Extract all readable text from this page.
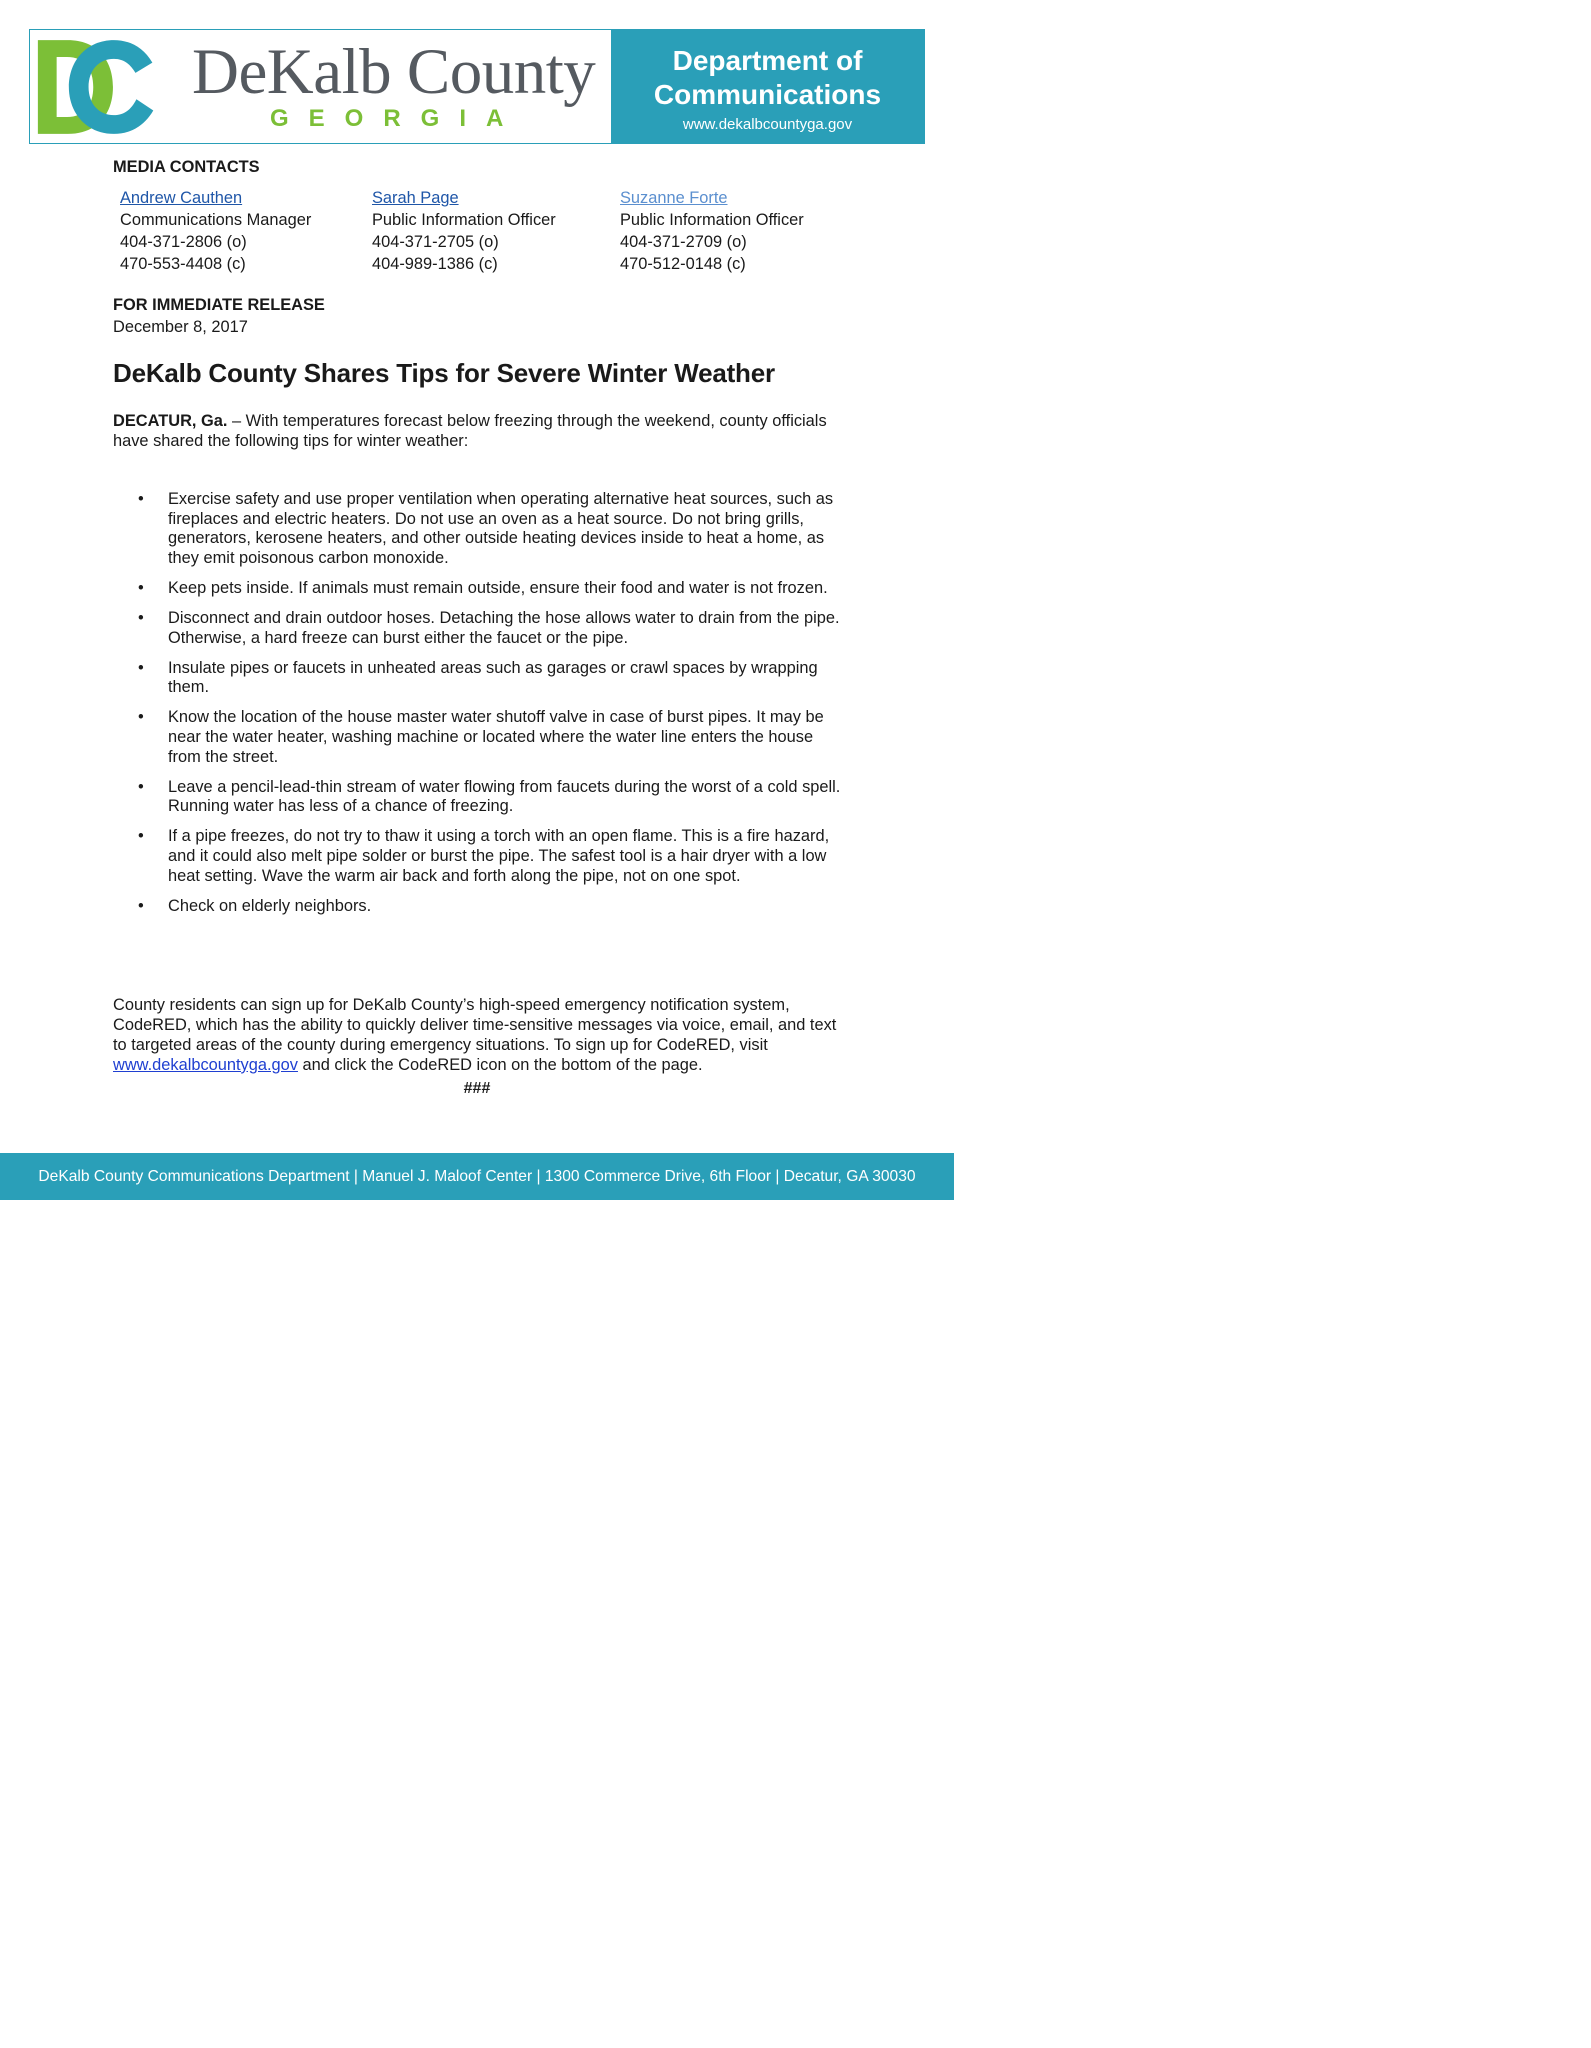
DeKalb County
GEORGIA
Department of
Communications
www.dekalbcountyga.gov
MEDIA CONTACTS
Andrew Cauthen
Communications Manager
404-371-2806 (o)
470-553-4408 (c)
Sarah Page
Public Information Officer
404-371-2705 (o)
404-989-1386 (c)
Suzanne Forte
Public Information Officer
404-371-2709 (o)
470-512-0148 (c)
FOR IMMEDIATE RELEASE
December 8, 2017
DeKalb County Shares Tips for Severe Winter Weather
DECATUR, Ga. – With temperatures forecast below freezing through the weekend, county officials have shared the following tips for winter weather:
• Exercise safety and use proper ventilation when operating alternative heat sources, such as fireplaces and electric heaters. Do not use an oven as a heat source. Do not bring grills, generators, kerosene heaters, and other outside heating devices inside to heat a home, as they emit poisonous carbon monoxide.
• Keep pets inside. If animals must remain outside, ensure their food and water is not frozen.
• Disconnect and drain outdoor hoses. Detaching the hose allows water to drain from the pipe. Otherwise, a hard freeze can burst either the faucet or the pipe.
• Insulate pipes or faucets in unheated areas such as garages or crawl spaces by wrapping them.
• Know the location of the house master water shutoff valve in case of burst pipes. It may be near the water heater, washing machine or located where the water line enters the house from the street.
• Leave a pencil-lead-thin stream of water flowing from faucets during the worst of a cold spell. Running water has less of a chance of freezing.
• If a pipe freezes, do not try to thaw it using a torch with an open flame. This is a fire hazard, and it could also melt pipe solder or burst the pipe. The safest tool is a hair dryer with a low heat setting. Wave the warm air back and forth along the pipe, not on one spot.
• Check on elderly neighbors.
County residents can sign up for DeKalb County’s high-speed emergency notification system, CodeRED, which has the ability to quickly deliver time-sensitive messages via voice, email, and text to targeted areas of the county during emergency situations. To sign up for CodeRED, visit www.dekalbcountyga.gov and click the CodeRED icon on the bottom of the page.
###
DeKalb County Communications Department | Manuel J. Maloof Center | 1300 Commerce Drive, 6th Floor | Decatur, GA 30030
